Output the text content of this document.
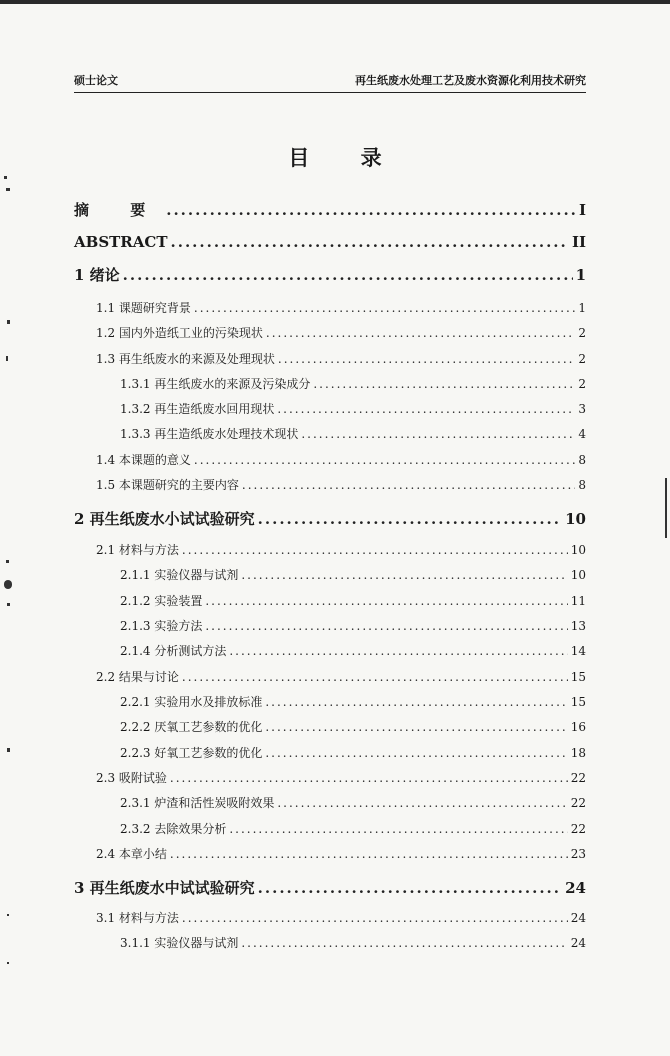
硕士论文	再生纸废水处理工艺及废水资源化利用技术研究
目 录
摘 要 .....	I
ABSTRACT .....	II
1 绪论 .....	1
1.1 课题研究背景 .....	1
1.2 国内外造纸工业的污染现状 .....	2
1.3 再生纸废水的来源及处理现状 .....	2
1.3.1 再生纸废水的来源及污染成分 .....	2
1.3.2 再生造纸废水回用现状 .....	3
1.3.3 再生造纸废水处理技术现状 .....	4
1.4 本课题的意义 .....	8
1.5 本课题研究的主要内容 .....	8
2 再生纸废水小试试验研究 .....	10
2.1 材料与方法 .....	10
2.1.1 实验仪器与试剂 .....	10
2.1.2 实验装置 .....	11
2.1.3 实验方法 .....	13
2.1.4 分析测试方法 .....	14
2.2 结果与讨论 .....	15
2.2.1 实验用水及排放标准 .....	15
2.2.2 厌氧工艺参数的优化 .....	16
2.2.3 好氧工艺参数的优化 .....	18
2.3 吸附试验 .....	22
2.3.1 炉渣和活性炭吸附效果 .....	22
2.3.2 去除效果分析 .....	22
2.4 本章小结 .....	23
3 再生纸废水中试试验研究 .....	24
3.1 材料与方法 .....	24
3.1.1 实验仪器与试剂 .....	24
